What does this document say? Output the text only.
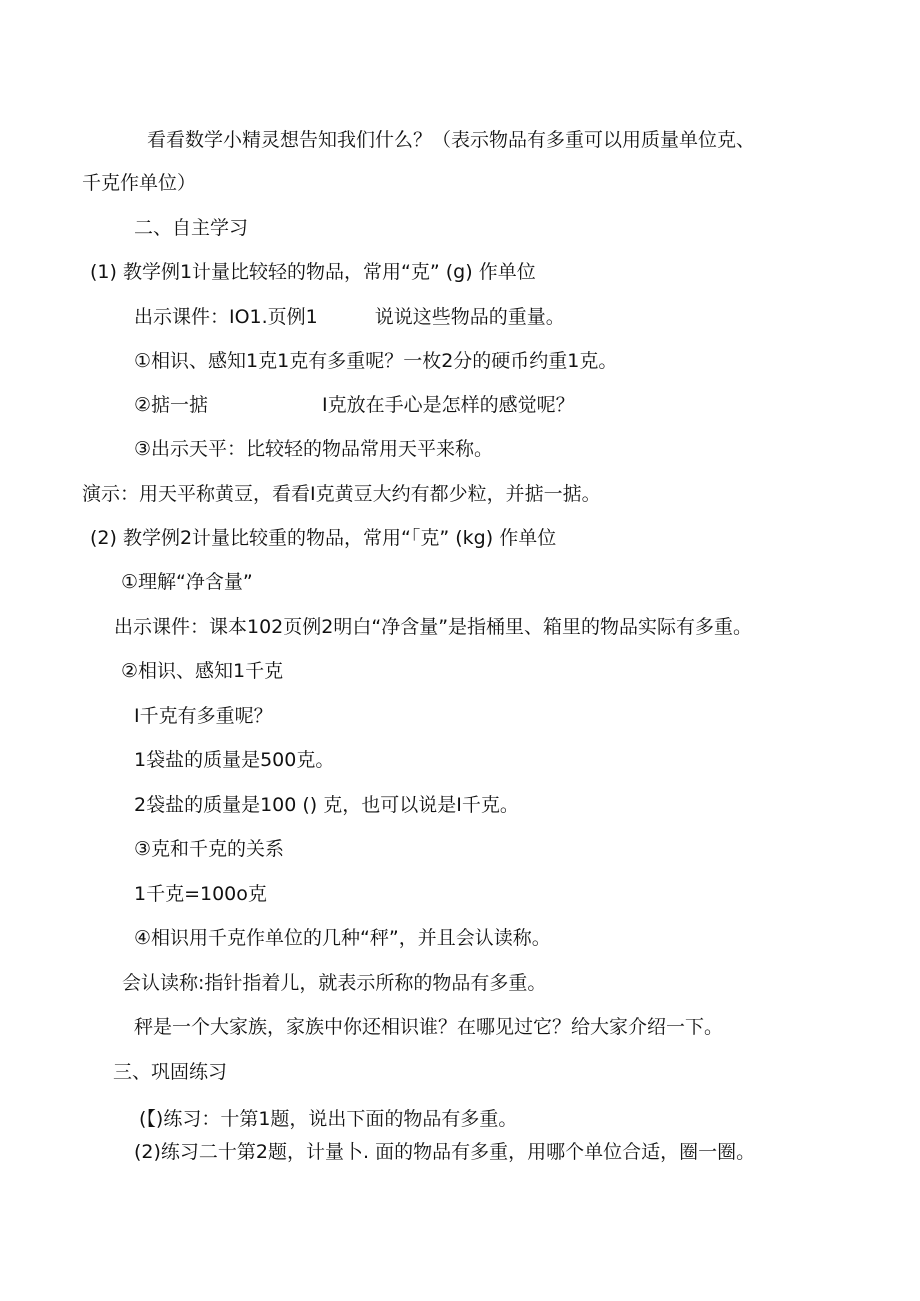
看看数学小精灵想告知我们什么？（表示物品有多重可以用质量单位克、
千克作单位）
二、自主学习
(1) 教学例1计量比较轻的物品，常用“克” (g) 作单位
出示课件：IO1.页例1　　　说说这些物品的重量。
①相识、感知1克1克有多重呢？一枚2分的硬币约重1克。
②掂一掂　　　　　　I克放在手心是怎样的感觉呢？
③出示天平：比较轻的物品常用天平来称。
演示：用天平称黄豆，看看I克黄豆大约有都少粒，并掂一掂。
(2) 教学例2计量比较重的物品，常用“「克” (kg) 作单位
①理解“净含量”
出示课件：课本102页例2明白“净含量”是指桶里、箱里的物品实际有多重。
②相识、感知1千克
I千克有多重呢？
1袋盐的质量是500克。
2袋盐的质量是100 () 克，也可以说是I千克。
③克和千克的关系
1千克=100o克
④相识用千克作单位的几种“秤”，并且会认读称。
会认读称:指针指着儿，就表示所称的物品有多重。
秤是一个大家族，家族中你还相识谁？在哪见过它？给大家介绍一下。
三、巩固练习
(【)练习：十第1题，说出下面的物品有多重。
(2)练习二十第2题，计量卜. 面的物品有多重，用哪个单位合适，圈一圈。
